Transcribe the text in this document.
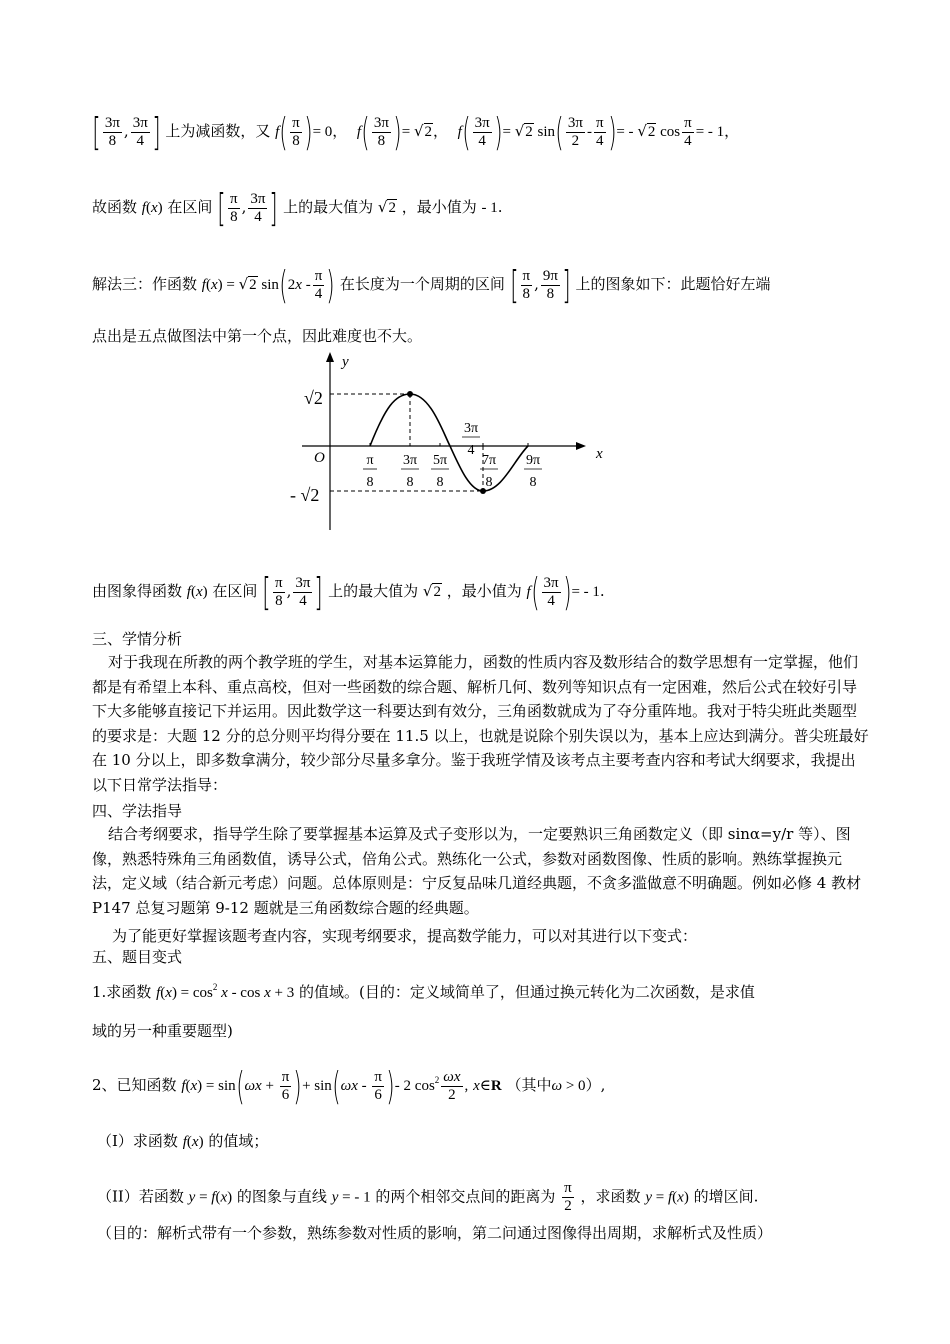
[ $\frac{3\pi}{8}$ , $\frac{3\pi}{4}$ ] 上为减函数，又 $f( \frac{\pi}{8}$ )= 0，  $f( \frac{3\pi}{8}$ )= √2，  $f( \frac{3\pi}{4}$ )= √2 $\sin( \frac{3\pi}{2} - \frac{\pi}{4}$ )= - √2 $\cos \frac{\pi}{4}$ = - 1，
故函数 f(x) 在区间 [ $\frac{\pi}{8}$ , $\frac{3\pi}{4}$ ] 上的最大值为 √2 ，最小值为 - 1.
解法三：作函数 f(x) = √2 $\sin(2x - \frac{\pi}{4}$ ) 在长度为一个周期的区间 [ $\frac{\pi}{8}$ , $\frac{9\pi}{8}$ ] 上的图象如下：此题恰好左端
点出是五点做图法中第一个点，因此难度也不大。
y
x
O
√2
- √2
π
8
3π
8
5π
8
3π
4
7π
8
9π
8
由图象得函数 f(x) 在区间 [ $\frac{\pi}{8}$ , $\frac{3\pi}{4}$ ] 上的最大值为 √2 ，最小值为 $f( \frac{3\pi}{4}$ )= - 1.
三、学情分析
对于我现在所教的两个教学班的学生，对基本运算能力，函数的性质内容及数形结合的数学思想有一定掌握，他们都是有希望上本科、重点高校，但对一些函数的综合题、解析几何、数列等知识点有一定困难，然后公式在较好引导下大多能够直接记下并运用。因此数学这一科要达到有效分，三角函数就成为了夺分重阵地。我对于特尖班此类题型的要求是：大题 12 分的总分则平均得分要在 11.5 以上，也就是说除个别失误以为，基本上应达到满分。普尖班最好在 10 分以上，即多数拿满分，较少部分尽量多拿分。鉴于我班学情及该考点主要考查内容和考试大纲要求，我提出以下日常学法指导：
四、学法指导
结合考纲要求，指导学生除了要掌握基本运算及式子变形以为，一定要熟识三角函数定义（即 sinα=y/r 等）、图像，熟悉特殊角三角函数值，诱导公式，倍角公式。熟练化一公式，参数对函数图像、性质的影响。熟练掌握换元法，定义域（结合新元考虑）问题。总体原则是：宁反复品味几道经典题，不贪多滥做意不明确题。例如必修 4 教材 P147 总复习题第 9-12 题就是三角函数综合题的经典题。
为了能更好掌握该题考查内容，实现考纲要求，提高数学能力，可以对其进行以下变式：
五、题目变式
1.求函数 $f(x) = \cos^2 x - \cos x + 3$ 的值域。(目的：定义域简单了，但通过换元转化为二次函数，是求值
域的另一种重要题型)
2、已知函数 $f(x) = \sin(\omega x + \frac{\pi}{6}$ )+ $\sin(\omega x - \frac{\pi}{6}$ )- 2 $\cos^2 \frac{\omega x}{2}$ , x∈R （其中ω > 0）,
（I）求函数 f(x) 的值域；
（II）若函数 y = f(x) 的图象与直线 y = - 1 的两个相邻交点间的距离为 $\frac{\pi}{2}$ ，求函数 y = f(x) 的增区间.
（目的：解析式带有一个参数，熟练参数对性质的影响，第二问通过图像得出周期，求解析式及性质）
